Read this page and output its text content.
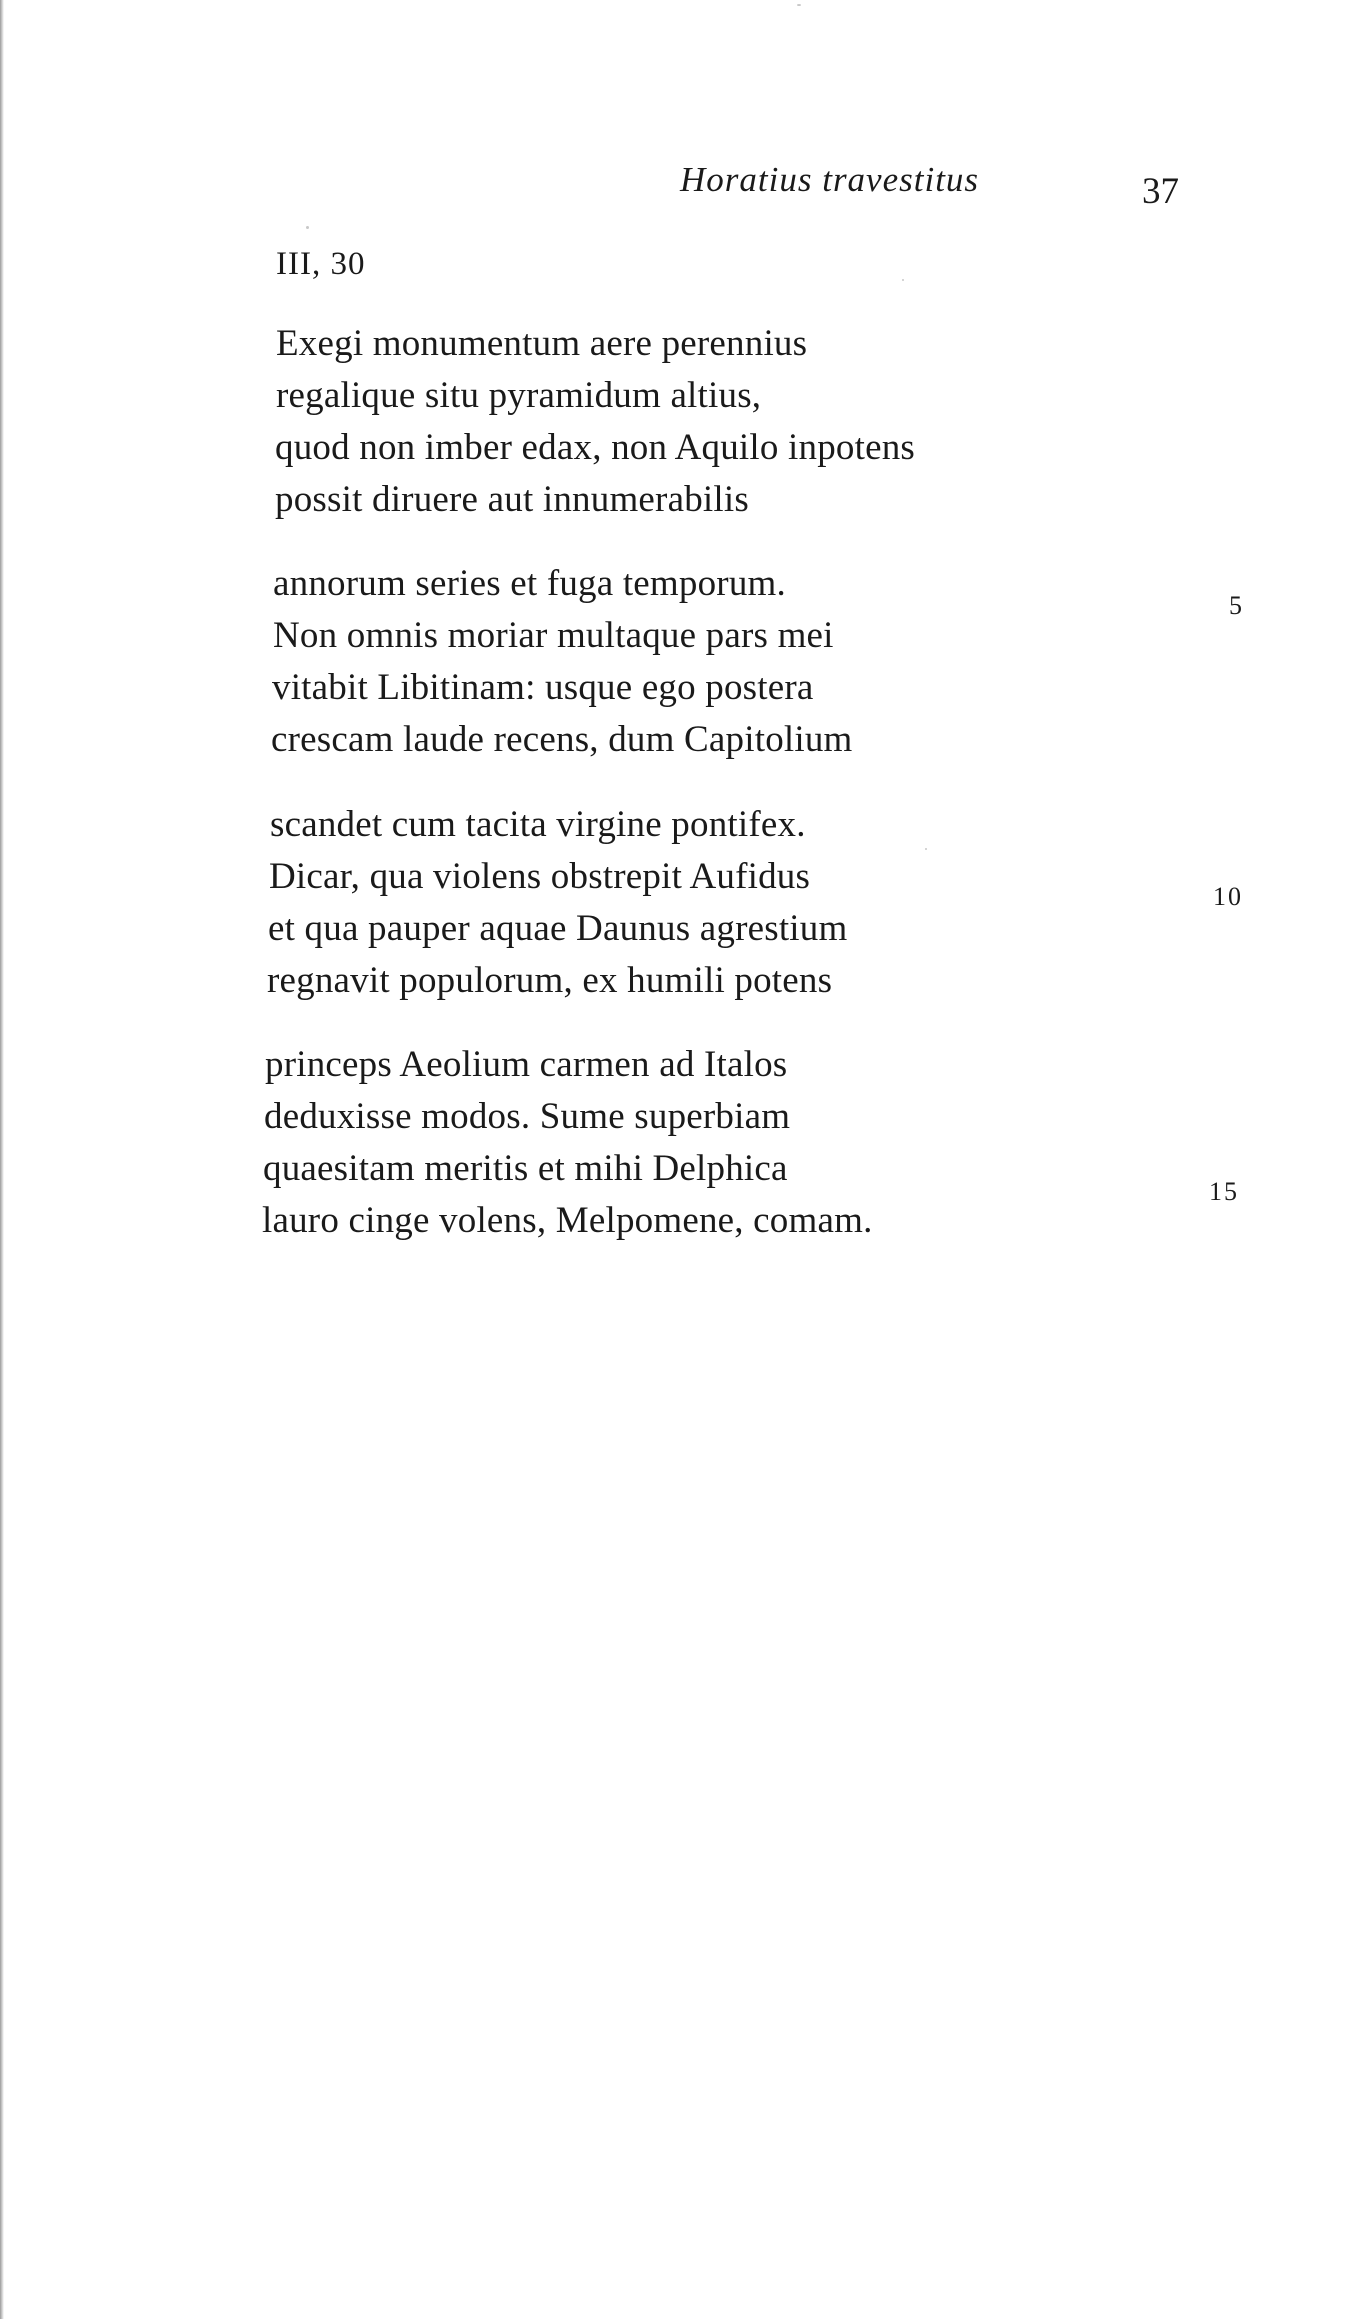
Horatius travestitus	37
III, 30
Exegi monumentum aere perennius
regalique situ pyramidum altius,
quod non imber edax, non Aquilo inpotens
possit diruere aut innumerabilis
annorum series et fuga temporum.
Non omnis moriar multaque pars mei
vitabit Libitinam: usque ego postera
crescam laude recens, dum Capitolium
scandet cum tacita virgine pontifex.
Dicar, qua violens obstrepit Aufidus
et qua pauper aquae Daunus agrestium
regnavit populorum, ex humili potens
princeps Aeolium carmen ad Italos
deduxisse modos. Sume superbiam
quaesitam meritis et mihi Delphica
lauro cinge volens, Melpomene, comam.
5
10
15
